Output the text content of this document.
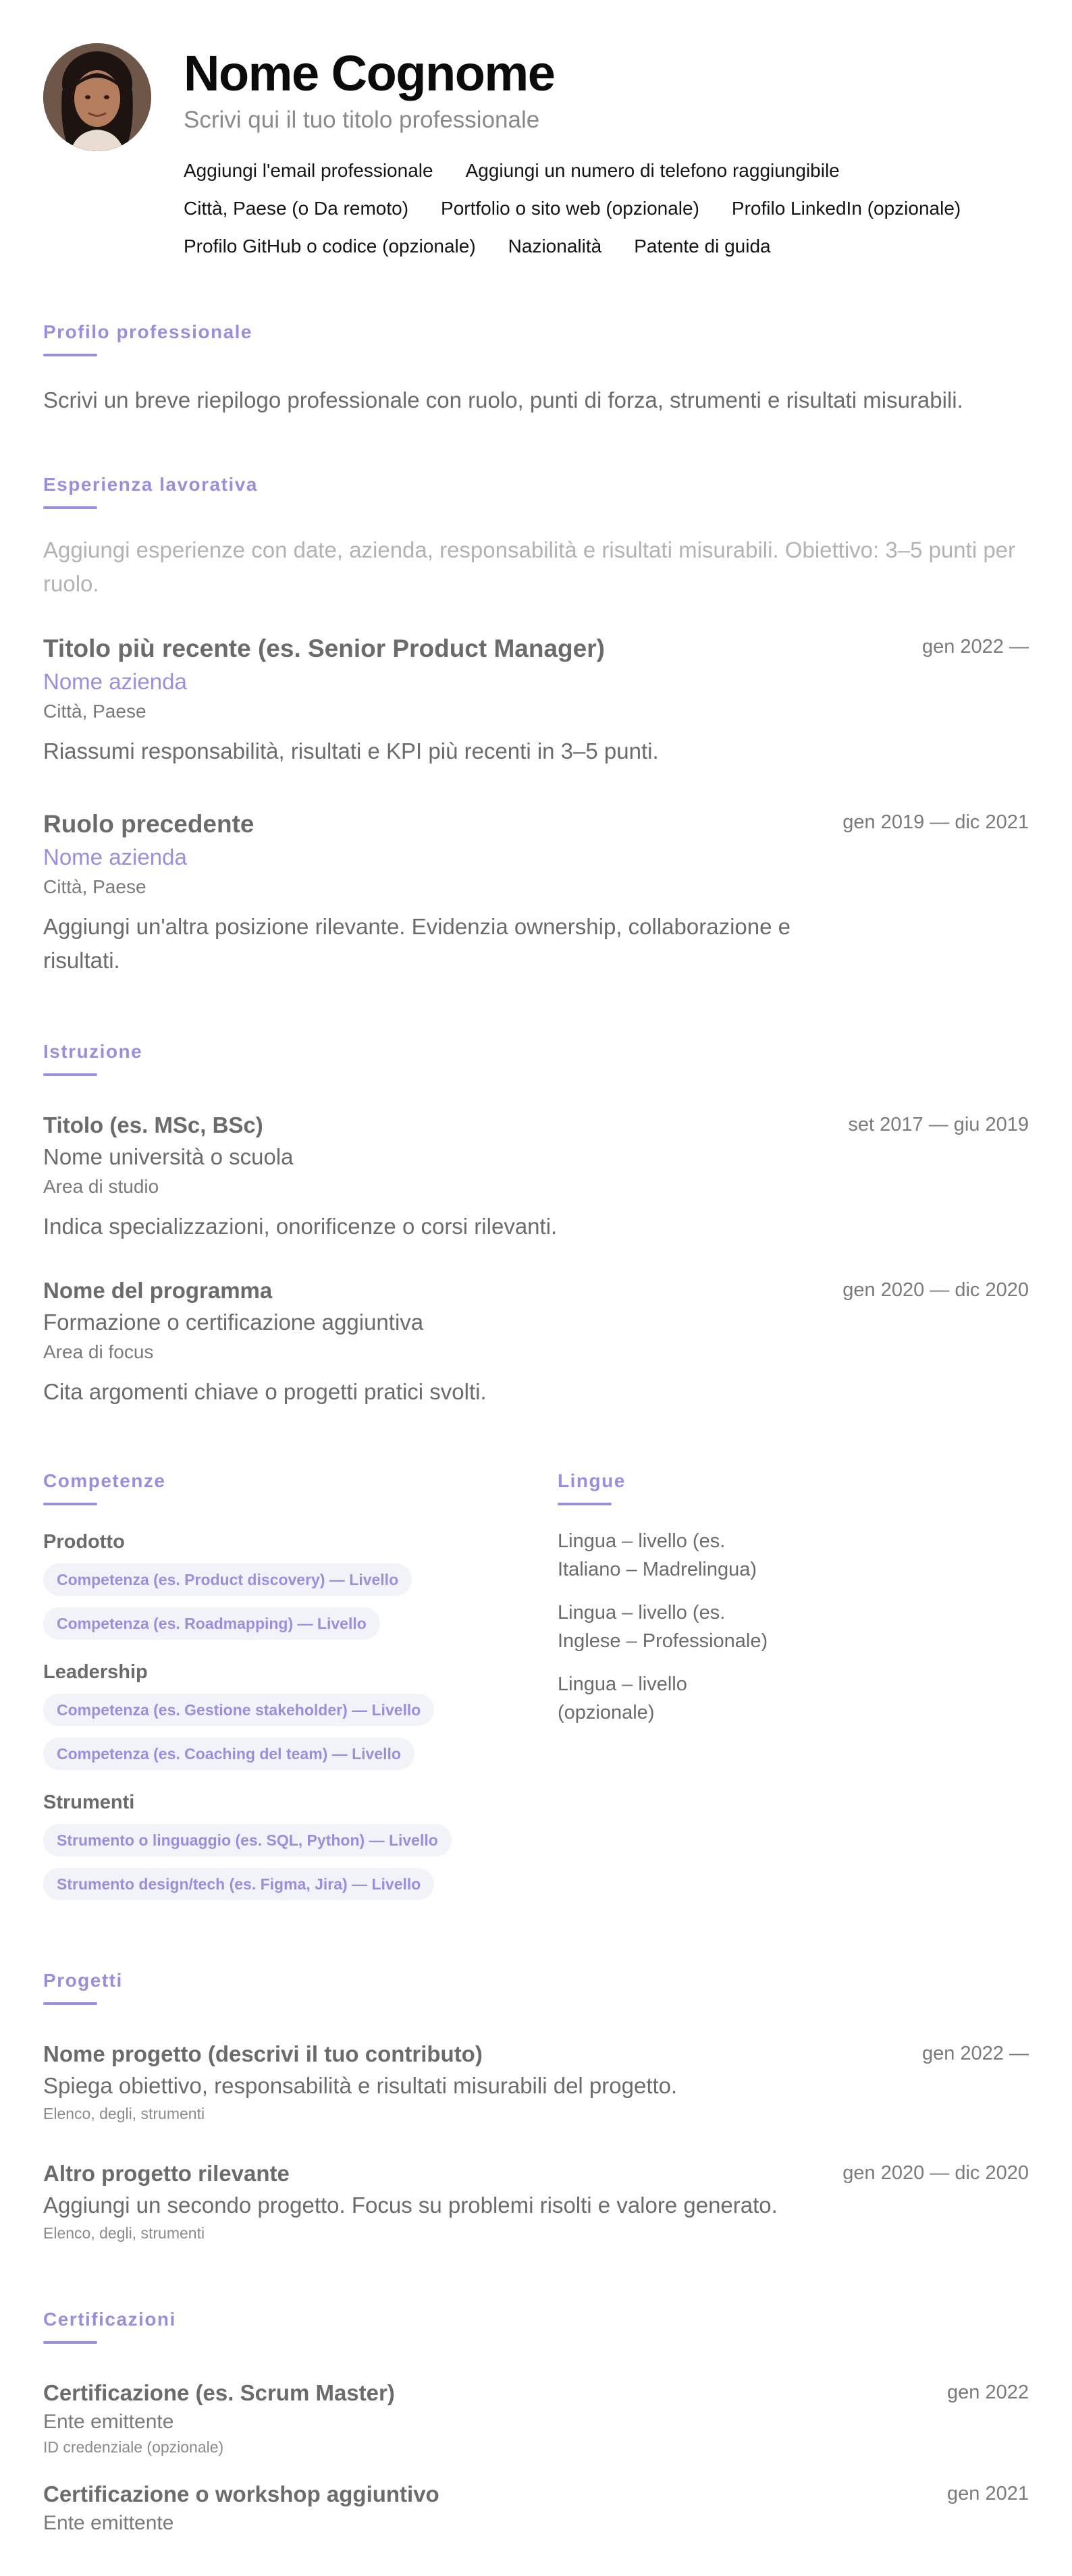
Nome Cognome
Scrivi qui il tuo titolo professionale
Aggiungi l'email professionale Aggiungi un numero di telefono raggiungibile
Città, Paese (o Da remoto) Portfolio o sito web (opzionale) Profilo LinkedIn (opzionale)
Profilo GitHub o codice (opzionale) Nazionalità Patente di guida
Profilo professionale
Scrivi un breve riepilogo professionale con ruolo, punti di forza, strumenti e risultati misurabili.
Esperienza lavorativa
Aggiungi esperienze con date, azienda, responsabilità e risultati misurabili. Obiettivo: 3–5 punti per ruolo.
Titolo più recente (es. Senior Product Manager)	gen 2022 —
Nome azienda
Città, Paese
Riassumi responsabilità, risultati e KPI più recenti in 3–5 punti.
Ruolo precedente	gen 2019 — dic 2021
Nome azienda
Città, Paese
Aggiungi un'altra posizione rilevante. Evidenzia ownership, collaborazione e risultati.
Istruzione
Titolo (es. MSc, BSc)	set 2017 — giu 2019
Nome università o scuola
Area di studio
Indica specializzazioni, onorificenze o corsi rilevanti.
Nome del programma	gen 2020 — dic 2020
Formazione o certificazione aggiuntiva
Area di focus
Cita argomenti chiave o progetti pratici svolti.
Competenze
Prodotto
Competenza (es. Product discovery) — Livello
Competenza (es. Roadmapping) — Livello
Leadership
Competenza (es. Gestione stakeholder) — Livello
Competenza (es. Coaching del team) — Livello
Strumenti
Strumento o linguaggio (es. SQL, Python) — Livello
Strumento design/tech (es. Figma, Jira) — Livello
Lingue
Lingua – livello (es. Italiano – Madrelingua)
Lingua – livello (es. Inglese – Professionale)
Lingua – livello (opzionale)
Progetti
Nome progetto (descrivi il tuo contributo)	gen 2022 —
Spiega obiettivo, responsabilità e risultati misurabili del progetto.
Elenco, degli, strumenti
Altro progetto rilevante	gen 2020 — dic 2020
Aggiungi un secondo progetto. Focus su problemi risolti e valore generato.
Elenco, degli, strumenti
Certificazioni
Certificazione (es. Scrum Master)	gen 2022
Ente emittente
ID credenziale (opzionale)
Certificazione o workshop aggiuntivo	gen 2021
Ente emittente
